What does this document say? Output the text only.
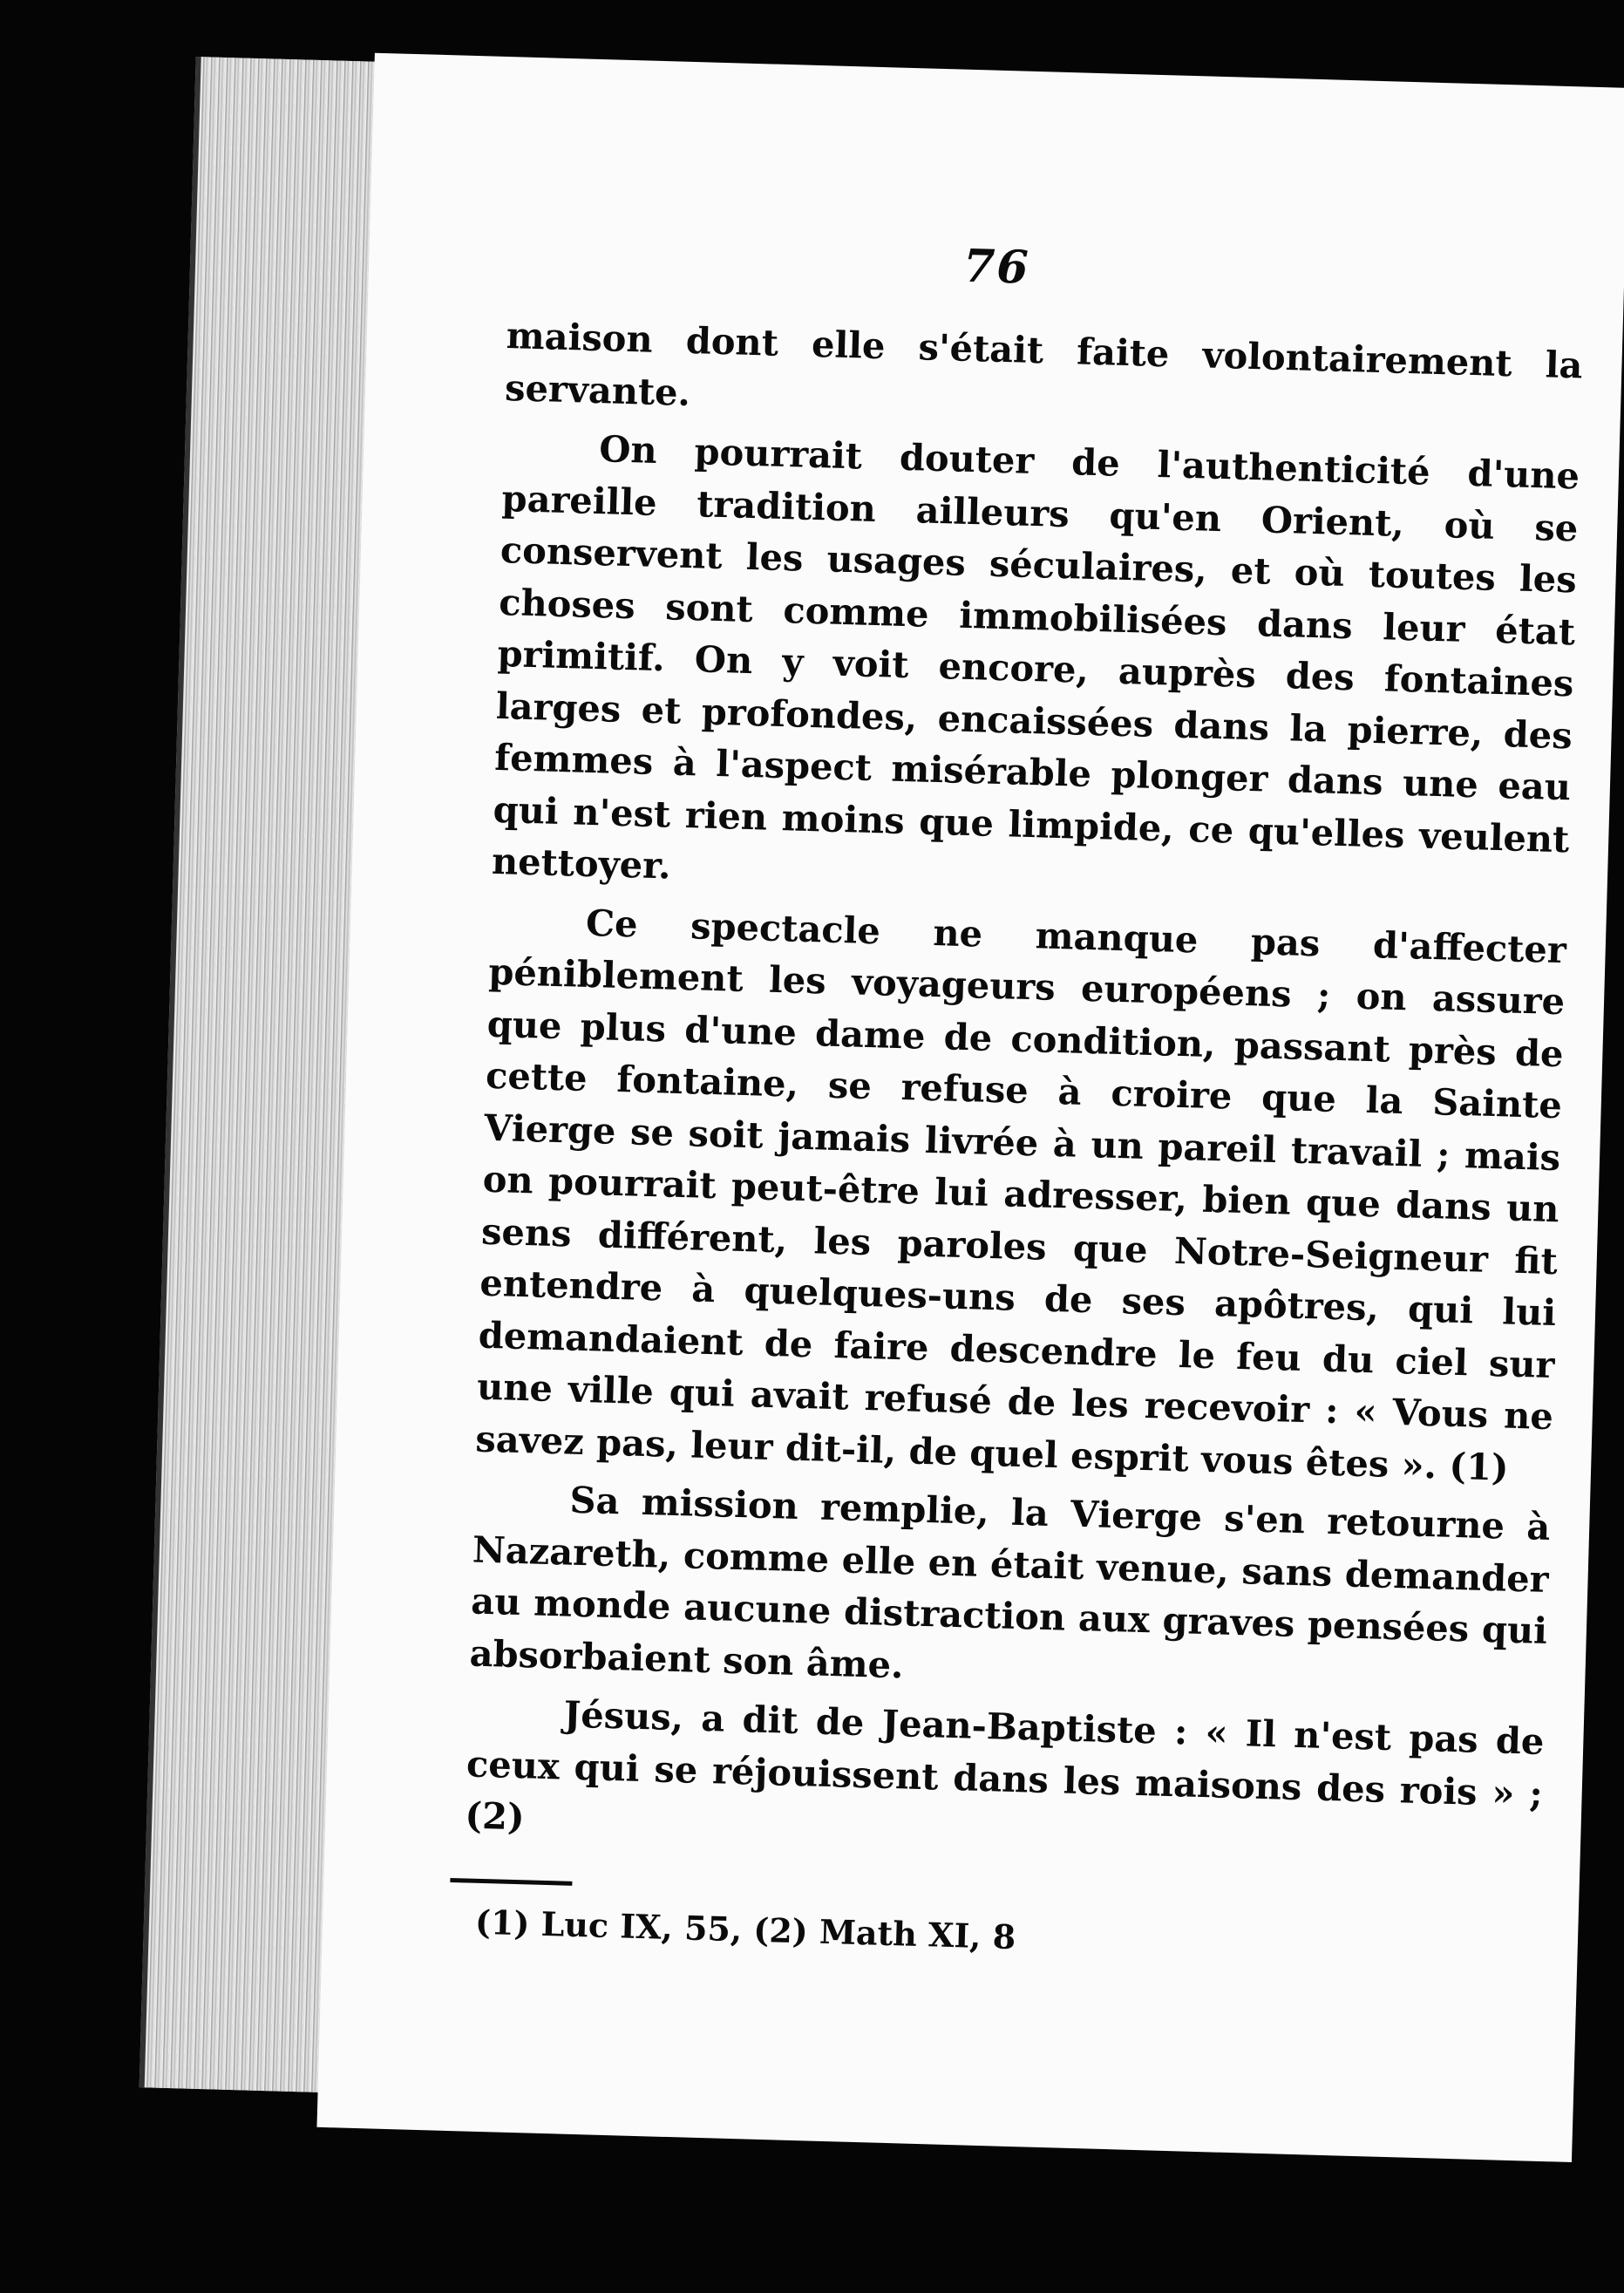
76

maison dont elle s'était faite volontairement la servante.

On pourrait douter de l'authenticité d'une pareille tradition ailleurs qu'en Orient, où se conservent les usages séculaires, et où toutes les choses sont comme immobilisées dans leur état primitif. On y voit encore, auprès des fontaines larges et profondes, encaissées dans la pierre, des femmes à l'aspect misérable plonger dans une eau qui n'est rien moins que limpide, ce qu'elles veulent nettoyer.

Ce spectacle ne manque pas d'affecter péniblement les voyageurs européens ; on assure que plus d'une dame de condition, passant près de cette fontaine, se refuse à croire que la Sainte Vierge se soit jamais livrée à un pareil travail ; mais on pourrait peut-être lui adresser, bien que dans un sens différent, les paroles que Notre-Seigneur fit entendre à quelques-uns de ses apôtres, qui lui demandaient de faire descendre le feu du ciel sur une ville qui avait refusé de les recevoir : « Vous ne savez pas, leur dit-il, de quel esprit vous êtes ». (1)

Sa mission remplie, la Vierge s'en retourne à Nazareth, comme elle en était venue, sans demander au monde aucune distraction aux graves pensées qui absorbaient son âme.

Jésus, a dit de Jean-Baptiste : « Il n'est pas de ceux qui se réjouissent dans les maisons des rois » ; (2)

(1) Luc IX, 55, (2) Math XI, 8
